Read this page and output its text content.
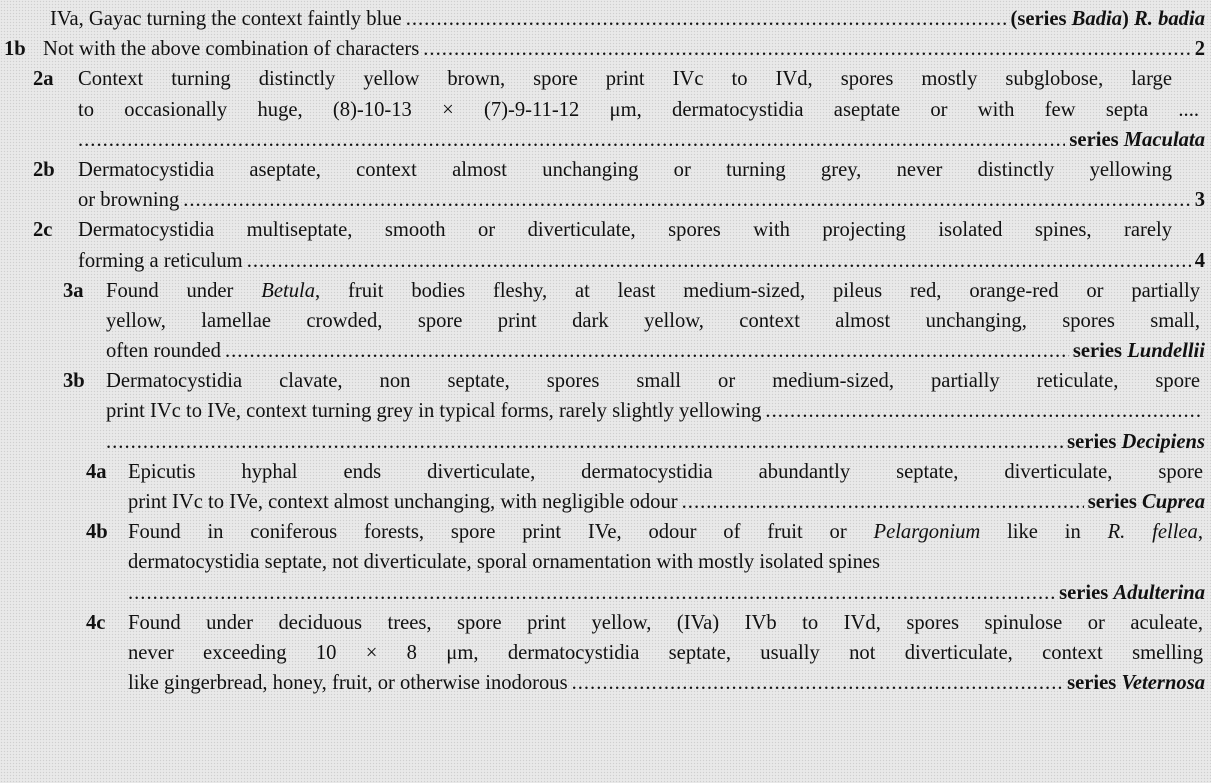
IVa, Gayac turning the context faintly blue .....	(series Badia) R. badia
1b Not with the above combination of characters .....	2
2a	Context turning distinctly yellow brown, spore print IVc to IVd, spores mostly subglobose, large
to occasionally huge, (8)-10-13 × (7)-9-11-12 μm, dermatocystidia aseptate or with few septa ....
.....
series Maculata
2b	Dermatocystidia aseptate, context almost unchanging or turning grey, never distinctly yellowing
or browning .....	3
2c	Dermatocystidia multiseptate, smooth or diverticulate, spores with projecting isolated spines, rarely
forming a reticulum .....	4
3a	Found under Betula, fruit bodies fleshy, at least medium-sized, pileus red, orange-red or partially
yellow, lamellae crowded, spore print dark yellow, context almost unchanging, spores small,
often rounded .....	series Lundellii
3b	Dermatocystidia clavate, non septate, spores small or medium-sized, partially reticulate, spore
print IVc to IVe, context turning grey in typical forms, rarely slightly yellowing
.....
.....
series Decipiens
4a	Epicutis hyphal ends diverticulate, dermatocystidia abundantly septate, diverticulate, spore
print IVc to IVe, context almost unchanging, with negligible odour .....	series Cuprea
4b Found in coniferous forests, spore print IVe, odour of fruit or Pelargonium like in R. fellea,
dermatocystidia septate, not diverticulate, sporal ornamentation with mostly isolated spines
.....
series Adulterina
4c	Found under deciduous trees, spore print yellow, (IVa) IVb to IVd, spores spinulose or aculeate,
never exceeding 10 × 8 μm, dermatocystidia septate, usually not diverticulate, context smelling
like gingerbread, honey, fruit, or otherwise inodorous .....	series Veternosa
